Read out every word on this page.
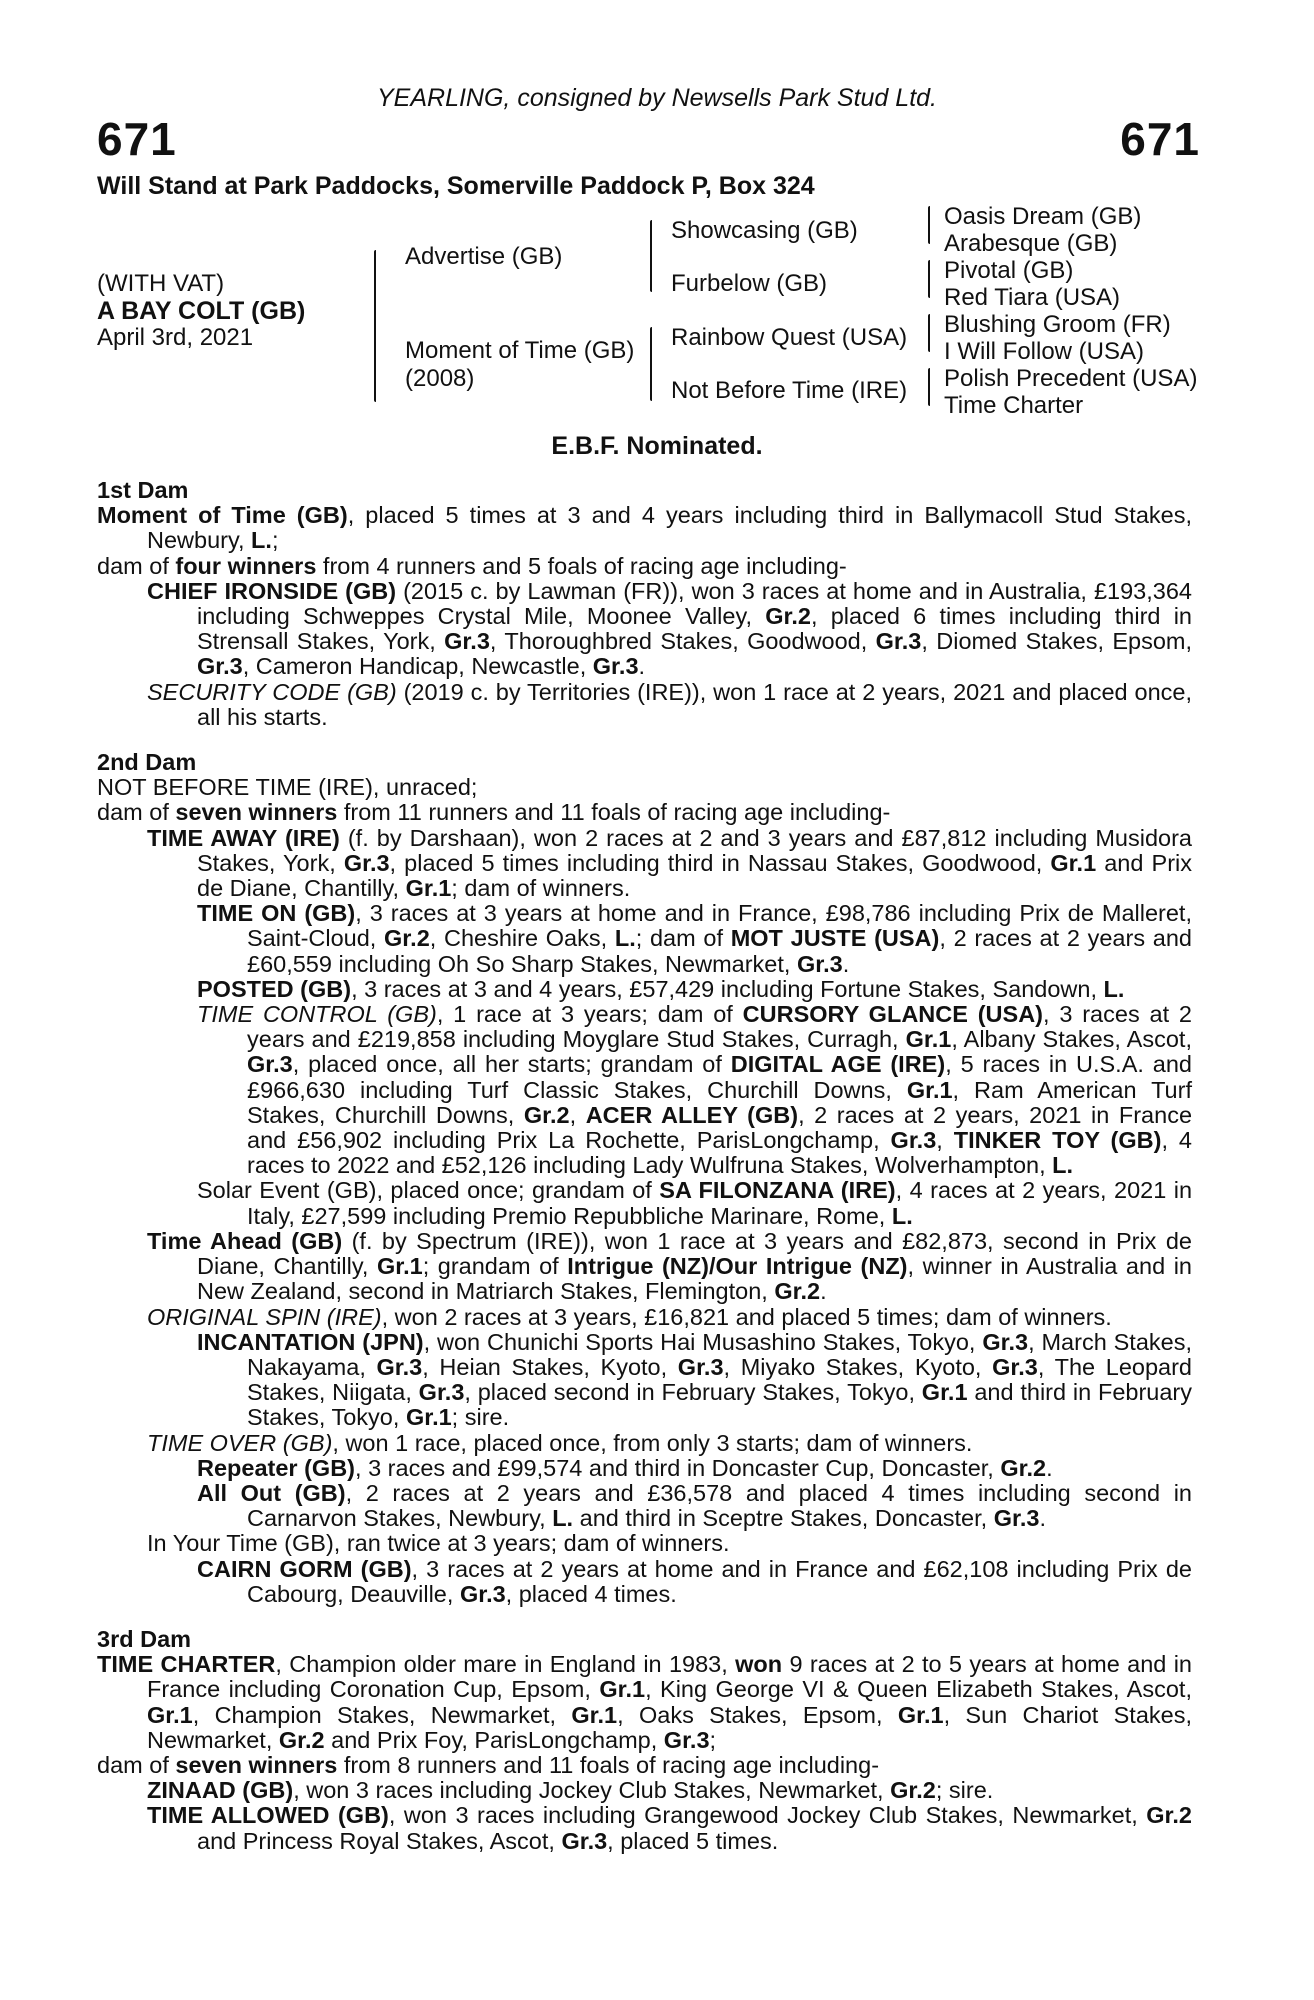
YEARLING, consigned by Newsells Park Stud Ltd.
671	671
Will Stand at Park Paddocks, Somerville Paddock P, Box 324
(WITH VAT)
A BAY COLT (GB)
April 3rd, 2021
Advertise (GB)
Moment of Time (GB)
(2008)
Showcasing (GB)
Furbelow (GB)
Rainbow Quest (USA)
Not Before Time (IRE)
Oasis Dream (GB)
Arabesque (GB)
Pivotal (GB)
Red Tiara (USA)
Blushing Groom (FR)
I Will Follow (USA)
Polish Precedent (USA)
Time Charter
E.B.F. Nominated.
1st Dam

Moment of Time (GB), placed 5 times at 3 and 4 years including third in Ballymacoll Stud Stakes, Newbury, L.;

dam of four winners from 4 runners and 5 foals of racing age including-

CHIEF IRONSIDE (GB) (2015 c. by Lawman (FR)), won 3 races at home and in Australia, £193,364 including Schweppes Crystal Mile, Moonee Valley, Gr.2, placed 6 times including third in Strensall Stakes, York, Gr.3, Thoroughbred Stakes, Goodwood, Gr.3, Diomed Stakes, Epsom, Gr.3, Cameron Handicap, Newcastle, Gr.3.

SECURITY CODE (GB) (2019 c. by Territories (IRE)), won 1 race at 2 years, 2021 and placed once, all his starts.

2nd Dam

NOT BEFORE TIME (IRE), unraced;

dam of seven winners from 11 runners and 11 foals of racing age including-

TIME AWAY (IRE) (f. by Darshaan), won 2 races at 2 and 3 years and £87,812 including Musidora Stakes, York, Gr.3, placed 5 times including third in Nassau Stakes, Goodwood, Gr.1 and Prix de Diane, Chantilly, Gr.1; dam of winners.

TIME ON (GB), 3 races at 3 years at home and in France, £98,786 including Prix de Malleret, Saint-Cloud, Gr.2, Cheshire Oaks, L.; dam of MOT JUSTE (USA), 2 races at 2 years and £60,559 including Oh So Sharp Stakes, Newmarket, Gr.3.

POSTED (GB), 3 races at 3 and 4 years, £57,429 including Fortune Stakes, Sandown, L.

TIME CONTROL (GB), 1 race at 3 years; dam of CURSORY GLANCE (USA), 3 races at 2 years and £219,858 including Moyglare Stud Stakes, Curragh, Gr.1, Albany Stakes, Ascot, Gr.3, placed once, all her starts; grandam of DIGITAL AGE (IRE), 5 races in U.S.A. and £966,630 including Turf Classic Stakes, Churchill Downs, Gr.1, Ram American Turf Stakes, Churchill Downs, Gr.2, ACER ALLEY (GB), 2 races at 2 years, 2021 in France and £56,902 including Prix La Rochette, ParisLongchamp, Gr.3, TINKER TOY (GB), 4 races to 2022 and £52,126 including Lady Wulfruna Stakes, Wolverhampton, L.

Solar Event (GB), placed once; grandam of SA FILONZANA (IRE), 4 races at 2 years, 2021 in Italy, £27,599 including Premio Repubbliche Marinare, Rome, L.

Time Ahead (GB) (f. by Spectrum (IRE)), won 1 race at 3 years and £82,873, second in Prix de Diane, Chantilly, Gr.1; grandam of Intrigue (NZ)/Our Intrigue (NZ), winner in Australia and in New Zealand, second in Matriarch Stakes, Flemington, Gr.2.

ORIGINAL SPIN (IRE), won 2 races at 3 years, £16,821 and placed 5 times; dam of winners.

INCANTATION (JPN), won Chunichi Sports Hai Musashino Stakes, Tokyo, Gr.3, March Stakes, Nakayama, Gr.3, Heian Stakes, Kyoto, Gr.3, Miyako Stakes, Kyoto, Gr.3, The Leopard Stakes, Niigata, Gr.3, placed second in February Stakes, Tokyo, Gr.1 and third in February Stakes, Tokyo, Gr.1; sire.

TIME OVER (GB), won 1 race, placed once, from only 3 starts; dam of winners.

Repeater (GB), 3 races and £99,574 and third in Doncaster Cup, Doncaster, Gr.2.

All Out (GB), 2 races at 2 years and £36,578 and placed 4 times including second in Carnarvon Stakes, Newbury, L. and third in Sceptre Stakes, Doncaster, Gr.3.

In Your Time (GB), ran twice at 3 years; dam of winners.

CAIRN GORM (GB), 3 races at 2 years at home and in France and £62,108 including Prix de Cabourg, Deauville, Gr.3, placed 4 times.

3rd Dam

TIME CHARTER, Champion older mare in England in 1983, won 9 races at 2 to 5 years at home and in France including Coronation Cup, Epsom, Gr.1, King George VI & Queen Elizabeth Stakes, Ascot, Gr.1, Champion Stakes, Newmarket, Gr.1, Oaks Stakes, Epsom, Gr.1, Sun Chariot Stakes, Newmarket, Gr.2 and Prix Foy, ParisLongchamp, Gr.3;

dam of seven winners from 8 runners and 11 foals of racing age including-

ZINAAD (GB), won 3 races including Jockey Club Stakes, Newmarket, Gr.2; sire.

TIME ALLOWED (GB), won 3 races including Grangewood Jockey Club Stakes, Newmarket, Gr.2 and Princess Royal Stakes, Ascot, Gr.3, placed 5 times.
